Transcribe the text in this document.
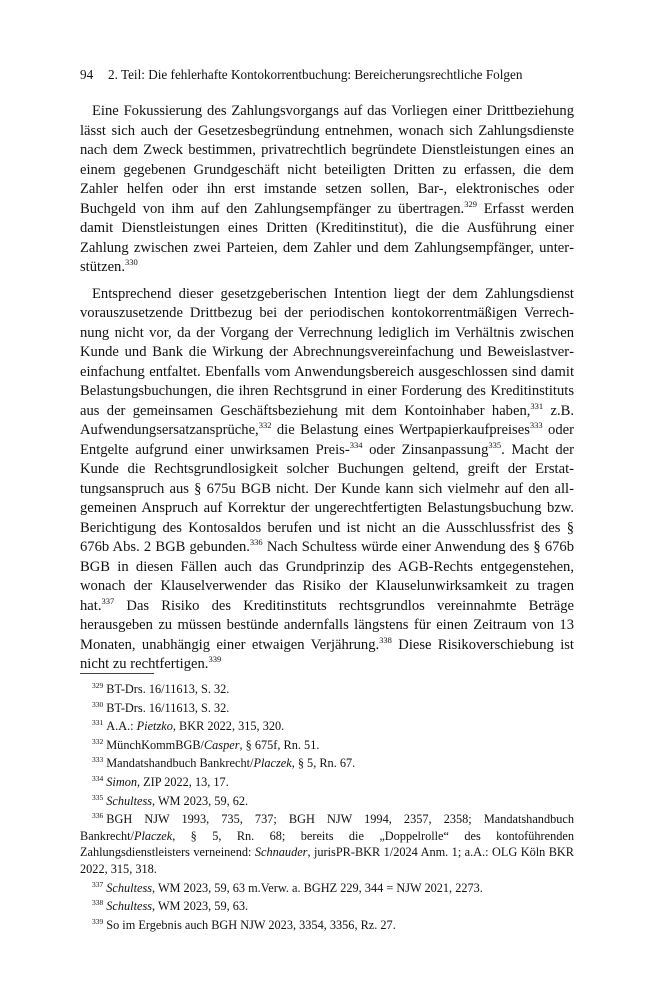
94 2. Teil: Die fehlerhafte Kontokorrentbuchung: Bereicherungsrechtliche Folgen

Eine Fokussierung des Zahlungsvorgangs auf das Vorliegen einer Drittbeziehung lässt sich auch der Gesetzesbegründung entnehmen, wonach sich Zahlungsdienste nach dem Zweck bestimmen, privatrechtlich begründete Dienstleistungen eines an einem gegebenen Grundgeschäft nicht beteiligten Dritten zu erfassen, die dem Zahler helfen oder ihn erst imstande setzen sollen, Bar-, elektronisches oder Buchgeld von ihm auf den Zahlungsempfänger zu übertragen.$^{329}$ Erfasst werden damit Dienstleistungen eines Dritten (Kreditinstitut), die die Ausführung einer Zahlung zwischen zwei Parteien, dem Zahler und dem Zahlungsempfänger, unterstützen.$^{330}$

Entsprechend dieser gesetzgeberischen Intention liegt der dem Zahlungsdienst vorauszusetzende Drittbezug bei der periodischen kontokorrentmäßigen Verrechnung nicht vor, da der Vorgang der Verrechnung lediglich im Verhältnis zwischen Kunde und Bank die Wirkung der Abrechnungsvereinfachung und Beweislastvereinfachung entfaltet. Ebenfalls vom Anwendungsbereich ausgeschlossen sind damit Belastungsbuchungen, die ihren Rechtsgrund in einer Forderung des Kreditinstituts aus der gemeinsamen Geschäftsbeziehung mit dem Kontoinhaber haben,$^{331}$ z.B. Aufwendungsersatzansprüche,$^{332}$ die Belastung eines Wertpapierkaufpreises$^{333}$ oder Entgelte aufgrund einer unwirksamen Preis-$^{334}$ oder Zinsanpassung$^{335}$. Macht der Kunde die Rechtsgrundlosigkeit solcher Buchungen geltend, greift der Erstattungsanspruch aus § 675u BGB nicht. Der Kunde kann sich vielmehr auf den allgemeinen Anspruch auf Korrektur der ungerechtfertigten Belastungsbuchung bzw. Berichtigung des Kontosaldos berufen und ist nicht an die Ausschlussfrist des § 676b Abs. 2 BGB gebunden.$^{336}$ Nach Schultess würde einer Anwendung des § 676b BGB in diesen Fällen auch das Grundprinzip des AGB-Rechts entgegenstehen, wonach der Klauselverwender das Risiko der Klauselunwirksamkeit zu tragen hat.$^{337}$ Das Risiko des Kreditinstituts rechtsgrundlos vereinnahmte Beträge herausgeben zu müssen bestünde andernfalls längstens für einen Zeitraum von 13 Monaten, unabhängig einer etwaigen Verjährung.$^{338}$ Diese Risikoverschiebung ist nicht zu rechtfertigen.$^{339}$

$^{329}$ BT-Drs. 16/11613, S. 32.
$^{330}$ BT-Drs. 16/11613, S. 32.
$^{331}$ A.A.: Pietzko, BKR 2022, 315, 320.
$^{332}$ MünchKommBGB/Casper, § 675f, Rn. 51.
$^{333}$ Mandatshandbuch Bankrecht/Placzek, § 5, Rn. 67.
$^{334}$ Simon, ZIP 2022, 13, 17.
$^{335}$ Schultess, WM 2023, 59, 62.
$^{336}$ BGH NJW 1993, 735, 737; BGH NJW 1994, 2357, 2358; Mandatshandbuch Bankrecht/Placzek, § 5, Rn. 68; bereits die „Doppelrolle“ des kontoführenden Zahlungsdienstleisters verneinend: Schnauder, jurisPR-BKR 1/2024 Anm. 1; a.A.: OLG Köln BKR 2022, 315, 318.
$^{337}$ Schultess, WM 2023, 59, 63 m.Verw. a. BGHZ 229, 344 = NJW 2021, 2273.
$^{338}$ Schultess, WM 2023, 59, 63.
$^{339}$ So im Ergebnis auch BGH NJW 2023, 3354, 3356, Rz. 27.
